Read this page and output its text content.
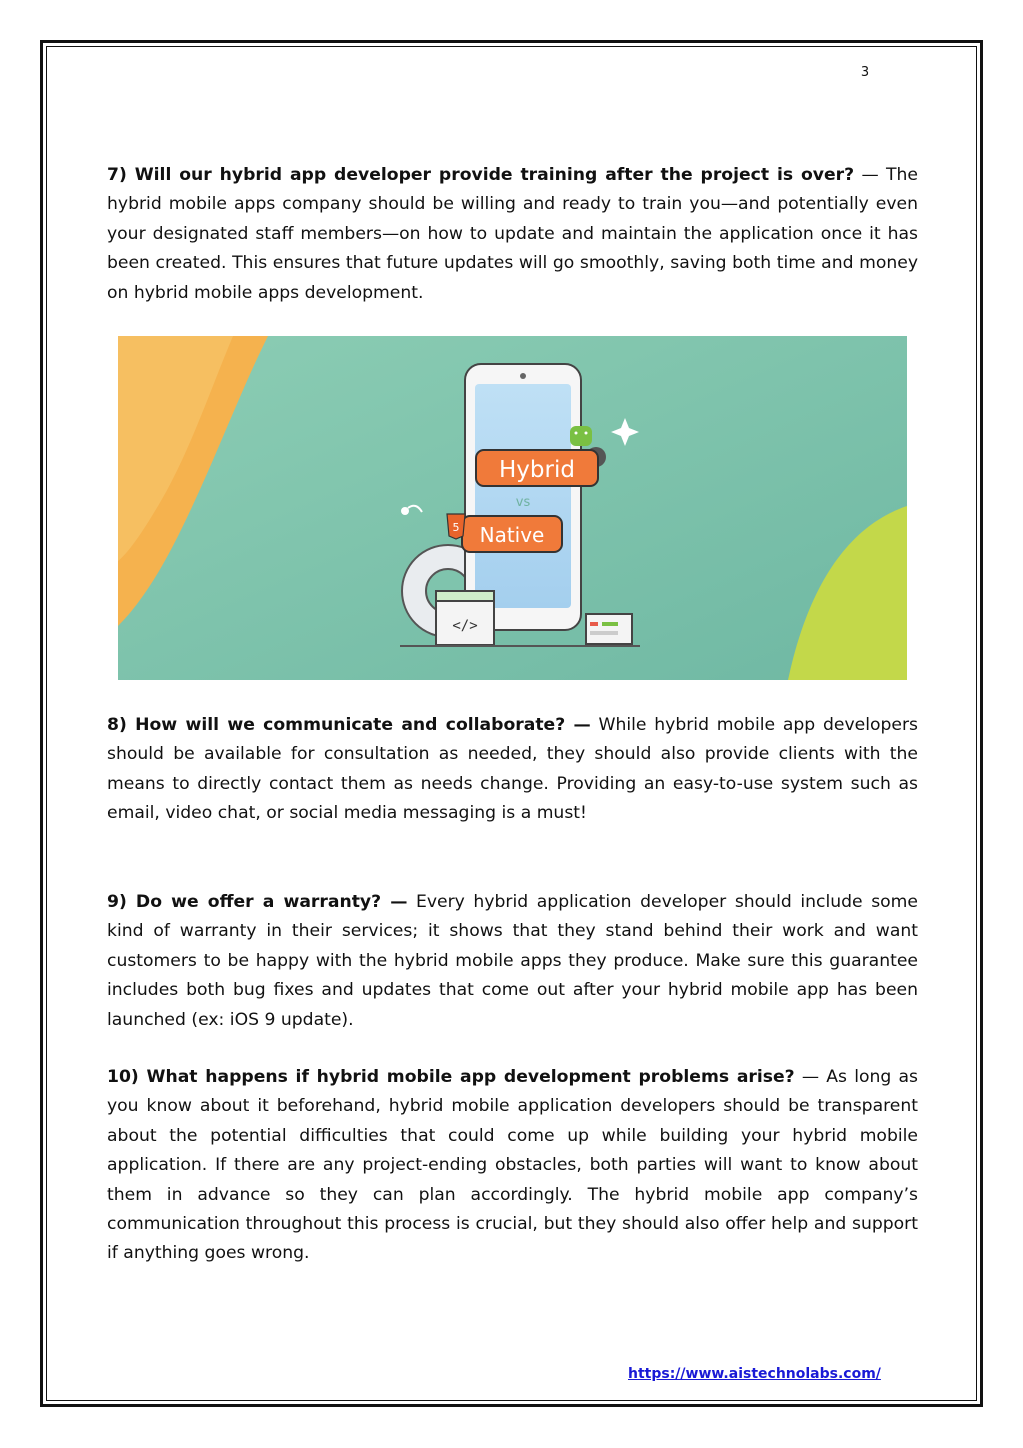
3
7) Will our hybrid app developer provide training after the project is over? — The hybrid mobile apps company should be willing and ready to train you—and potentially even your designated staff members—on how to update and maintain the application once it has been created. This ensures that future updates will go smoothly, saving both time and money on hybrid mobile apps development.
Hybrid
vs
Native
5
</>
8) How will we communicate and collaborate? — While hybrid mobile app developers should be available for consultation as needed, they should also provide clients with the means to directly contact them as needs change. Providing an easy-to-use system such as email, video chat, or social media messaging is a must!
9) Do we offer a warranty? — Every hybrid application developer should include some kind of warranty in their services; it shows that they stand behind their work and want customers to be happy with the hybrid mobile apps they produce. Make sure this guarantee includes both bug fixes and updates that come out after your hybrid mobile app has been launched (ex: iOS 9 update).
10) What happens if hybrid mobile app development problems arise? — As long as you know about it beforehand, hybrid mobile application developers should be transparent about the potential difficulties that could come up while building your hybrid mobile application. If there are any project-ending obstacles, both parties will want to know about them in advance so they can plan accordingly. The hybrid mobile app company’s communication throughout this process is crucial, but they should also offer help and support if anything goes wrong.
https://www.aistechnolabs.com/
